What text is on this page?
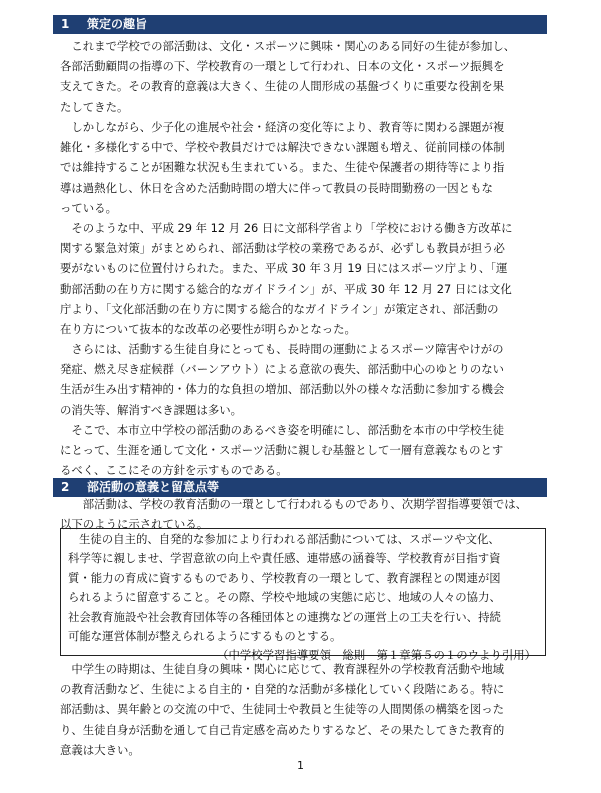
1 策定の趣旨
　これまで学校での部活動は、文化・スポーツに興味・関心のある同好の生徒が参加し、
各部活動顧問の指導の下、学校教育の一環として行われ、日本の文化・スポーツ振興を
支えてきた。その教育的意義は大きく、生徒の人間形成の基盤づくりに重要な役割を果
たしてきた。
　しかしながら、少子化の進展や社会・経済の変化等により、教育等に関わる課題が複
雑化・多様化する中で、学校や教員だけでは解決できない課題も増え、従前同様の体制
では維持することが困難な状況も生まれている。また、生徒や保護者の期待等により指
導は過熱化し、休日を含めた活動時間の増大に伴って教員の長時間勤務の一因ともな
っている。
　そのような中、平成 29 年 12 月 26 日に文部科学省より「学校における働き方改革に
関する緊急対策」がまとめられ、部活動は学校の業務であるが、必ずしも教員が担う必
要がないものに位置付けられた。また、平成 30 年３月 19 日にはスポーツ庁より、「運
動部活動の在り方に関する総合的なガイドライン」が、平成 30 年 12 月 27 日には文化
庁より、「文化部活動の在り方に関する総合的なガイドライン」が策定され、部活動の
在り方について抜本的な改革の必要性が明らかとなった。
　さらには、活動する生徒自身にとっても、長時間の運動によるスポーツ障害やけがの
発症、燃え尽き症候群（バーンアウト）による意欲の喪失、部活動中心のゆとりのない
生活が生み出す精神的・体力的な負担の増加、部活動以外の様々な活動に参加する機会
の消失等、解消すべき課題は多い。
　そこで、本市立中学校の部活動のあるべき姿を明確にし、部活動を本市の中学校生徒
にとって、生涯を通して文化・スポーツ活動に親しむ基盤として一層有意義なものとす
るべく、ここにその方針を示すものである。
2 部活動の意義と留意点等
　　部活動は、学校の教育活動の一環として行われるものであり、次期学習指導要領では、
以下のように示されている。
生徒の自主的、自発的な参加により行われる部活動については、スポーツや文化、
科学等に親しませ、学習意欲の向上や責任感、連帯感の涵養等、学校教育が目指す資
質・能力の育成に資するものであり、学校教育の一環として、教育課程との関連が図
られるように留意すること。その際、学校や地域の実態に応じ、地域の人々の協力、
社会教育施設や社会教育団体等の各種団体との連携などの運営上の工夫を行い、持続
可能な運営体制が整えられるようにするものとする。
（中学校学習指導要領　総則　第１章第５の１のウより引用）
　中学生の時期は、生徒自身の興味・関心に応じて、教育課程外の学校教育活動や地域
の教育活動など、生徒による自主的・自発的な活動が多様化していく段階にある。特に
部活動は、異年齢との交流の中で、生徒同士や教員と生徒等の人間関係の構築を図った
り、生徒自身が活動を通して自己肯定感を高めたりするなど、その果たしてきた教育的
意義は大きい。
1
